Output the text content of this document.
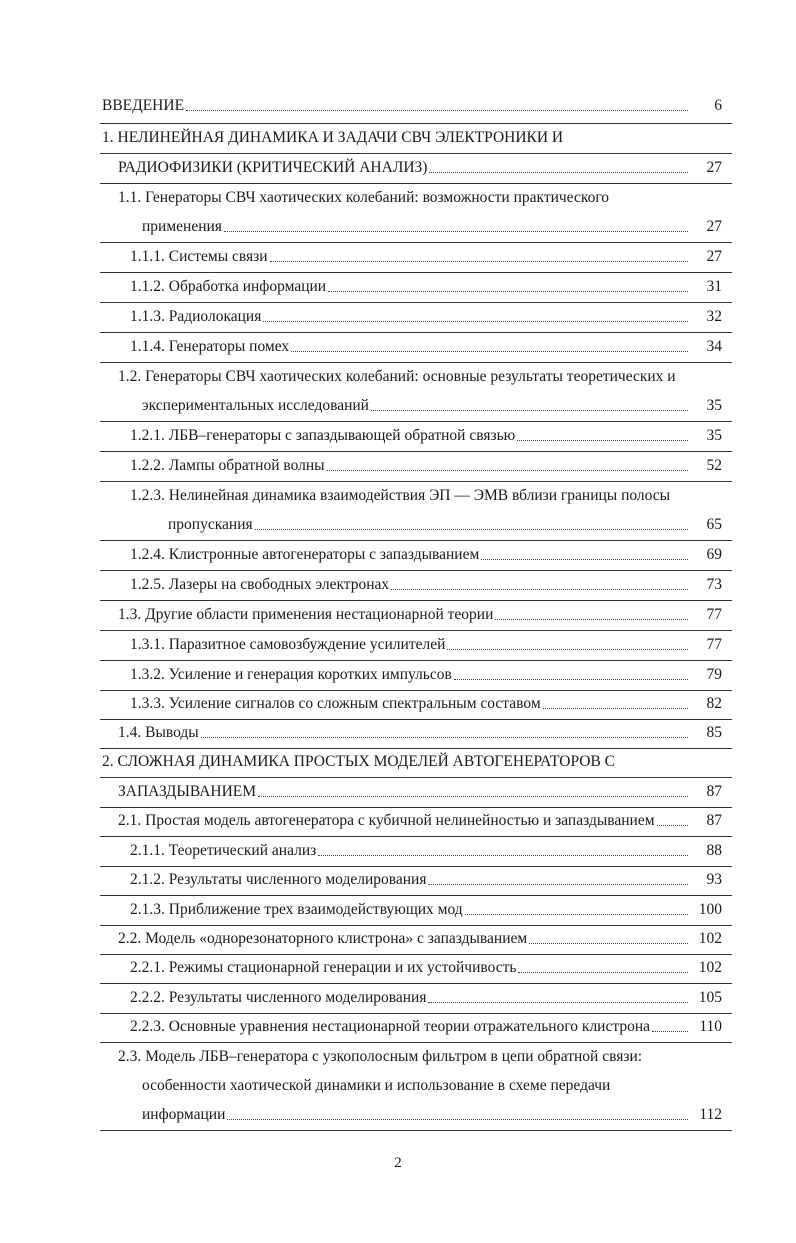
ВВЕДЕНИЕ	6
1. НЕЛИНЕЙНАЯ ДИНАМИКА И ЗАДАЧИ СВЧ ЭЛЕКТРОНИКИ И
РАДИОФИЗИКИ (КРИТИЧЕСКИЙ АНАЛИЗ)	27
1.1. Генераторы СВЧ хаотических колебаний: возможности практического
применения	27
1.1.1. Системы связи	27
1.1.2. Обработка информации	31
1.1.3. Радиолокация	32
1.1.4. Генераторы помех	34
1.2. Генераторы СВЧ хаотических колебаний: основные результаты теоретических и
экспериментальных исследований	35
1.2.1. ЛБВ–генераторы с запаздывающей обратной связью	35
1.2.2. Лампы обратной волны	52
1.2.3. Нелинейная динамика взаимодействия ЭП — ЭМВ вблизи границы полосы
пропускания	65
1.2.4. Клистронные автогенераторы с запаздыванием	69
1.2.5. Лазеры на свободных электронах	73
1.3. Другие области применения нестационарной теории	77
1.3.1. Паразитное самовозбуждение усилителей	77
1.3.2. Усиление и генерация коротких импульсов	79
1.3.3. Усиление сигналов со сложным спектральным составом	82
1.4. Выводы	85
2. СЛОЖНАЯ ДИНАМИКА ПРОСТЫХ МОДЕЛЕЙ АВТОГЕНЕРАТОРОВ С
ЗАПАЗДЫВАНИЕМ	87
2.1. Простая модель автогенератора с кубичной нелинейностью и запаздыванием	87
2.1.1. Теоретический анализ	88
2.1.2. Результаты численного моделирования	93
2.1.3. Приближение трех взаимодействующих мод	100
2.2. Модель «однорезонаторного клистрона» с запаздыванием	102
2.2.1. Режимы стационарной генерации и их устойчивость	102
2.2.2. Результаты численного моделирования	105
2.2.3. Основные уравнения нестационарной теории отражательного клистрона	110
2.3. Модель ЛБВ–генератора с узкополосным фильтром в цепи обратной связи:
особенности хаотической динамики и использование в схеме передачи
информации	112
2
